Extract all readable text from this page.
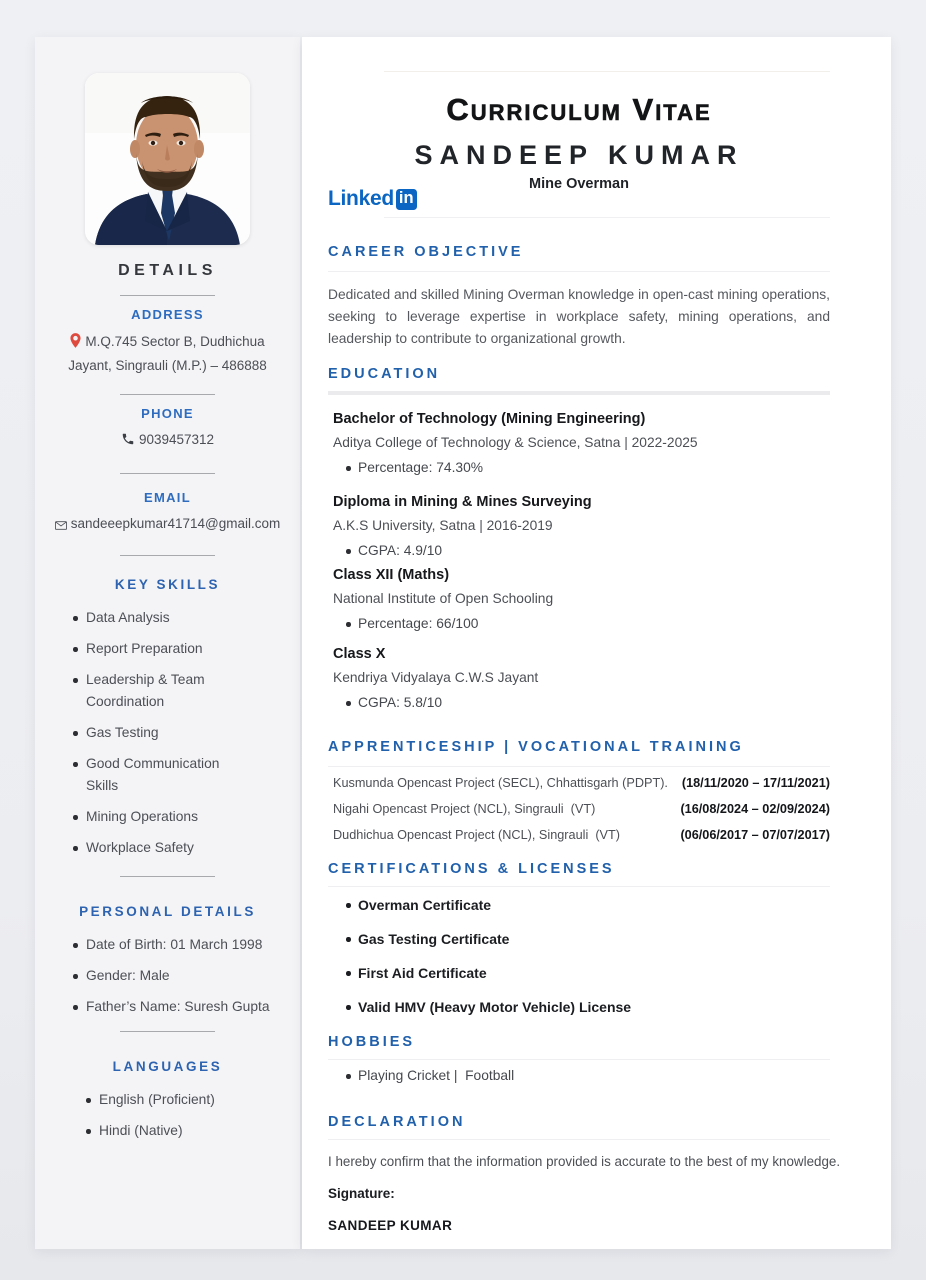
DETAILS
ADDRESS
M.Q.745 Sector B, Dudhichua Jayant, Singrauli (M.P.) – 486888
PHONE
9039457312
EMAIL
sandeeepkumar41714@gmail.com
KEY SKILLS
Data Analysis
Report Preparation
Leadership & Team Coordination
Gas Testing
Good Communication Skills
Mining Operations
Workplace Safety
PERSONAL DETAILS
Date of Birth: 01 March 1998
Gender: Male
Father’s Name: Suresh Gupta
LANGUAGES
English (Proficient)
Hindi (Native)
Linked in
Curriculum Vitae
SANDEEP KUMAR
Mine Overman
CAREER OBJECTIVE

Dedicated and skilled Mining Overman knowledge in open-cast mining operations, seeking to leverage expertise in workplace safety, mining operations, and leadership to contribute to organizational growth.

EDUCATION
Bachelor of Technology (Mining Engineering)
Aditya College of Technology & Science, Satna | 2022-2025
Percentage: 74.30%
Diploma in Mining & Mines Surveying
A.K.S University, Satna | 2016-2019
CGPA: 4.9/10
Class XII (Maths)
National Institute of Open Schooling
Percentage: 66/100
Class X
Kendriya Vidyalaya C.W.S Jayant
CGPA: 5.8/10
APPRENTICESHIP | VOCATIONAL TRAINING
Kusmunda Opencast Project (SECL), Chhattisgarh (PDPT). (18/11/2020 – 17/11/2021)
Nigahi Opencast Project (NCL), Singrauli  (VT)	(16/08/2024 – 02/09/2024)
Dudhichua Opencast Project (NCL), Singrauli  (VT)	(06/06/2017 – 07/07/2017)
CERTIFICATIONS & LICENSES
Overman Certificate
Gas Testing Certificate
First Aid Certificate
Valid HMV (Heavy Motor Vehicle) License
HOBBIES
Playing Cricket |  Football
DECLARATION
I hereby confirm that the information provided is accurate to the best of my knowledge.
Signature:
SANDEEP KUMAR
